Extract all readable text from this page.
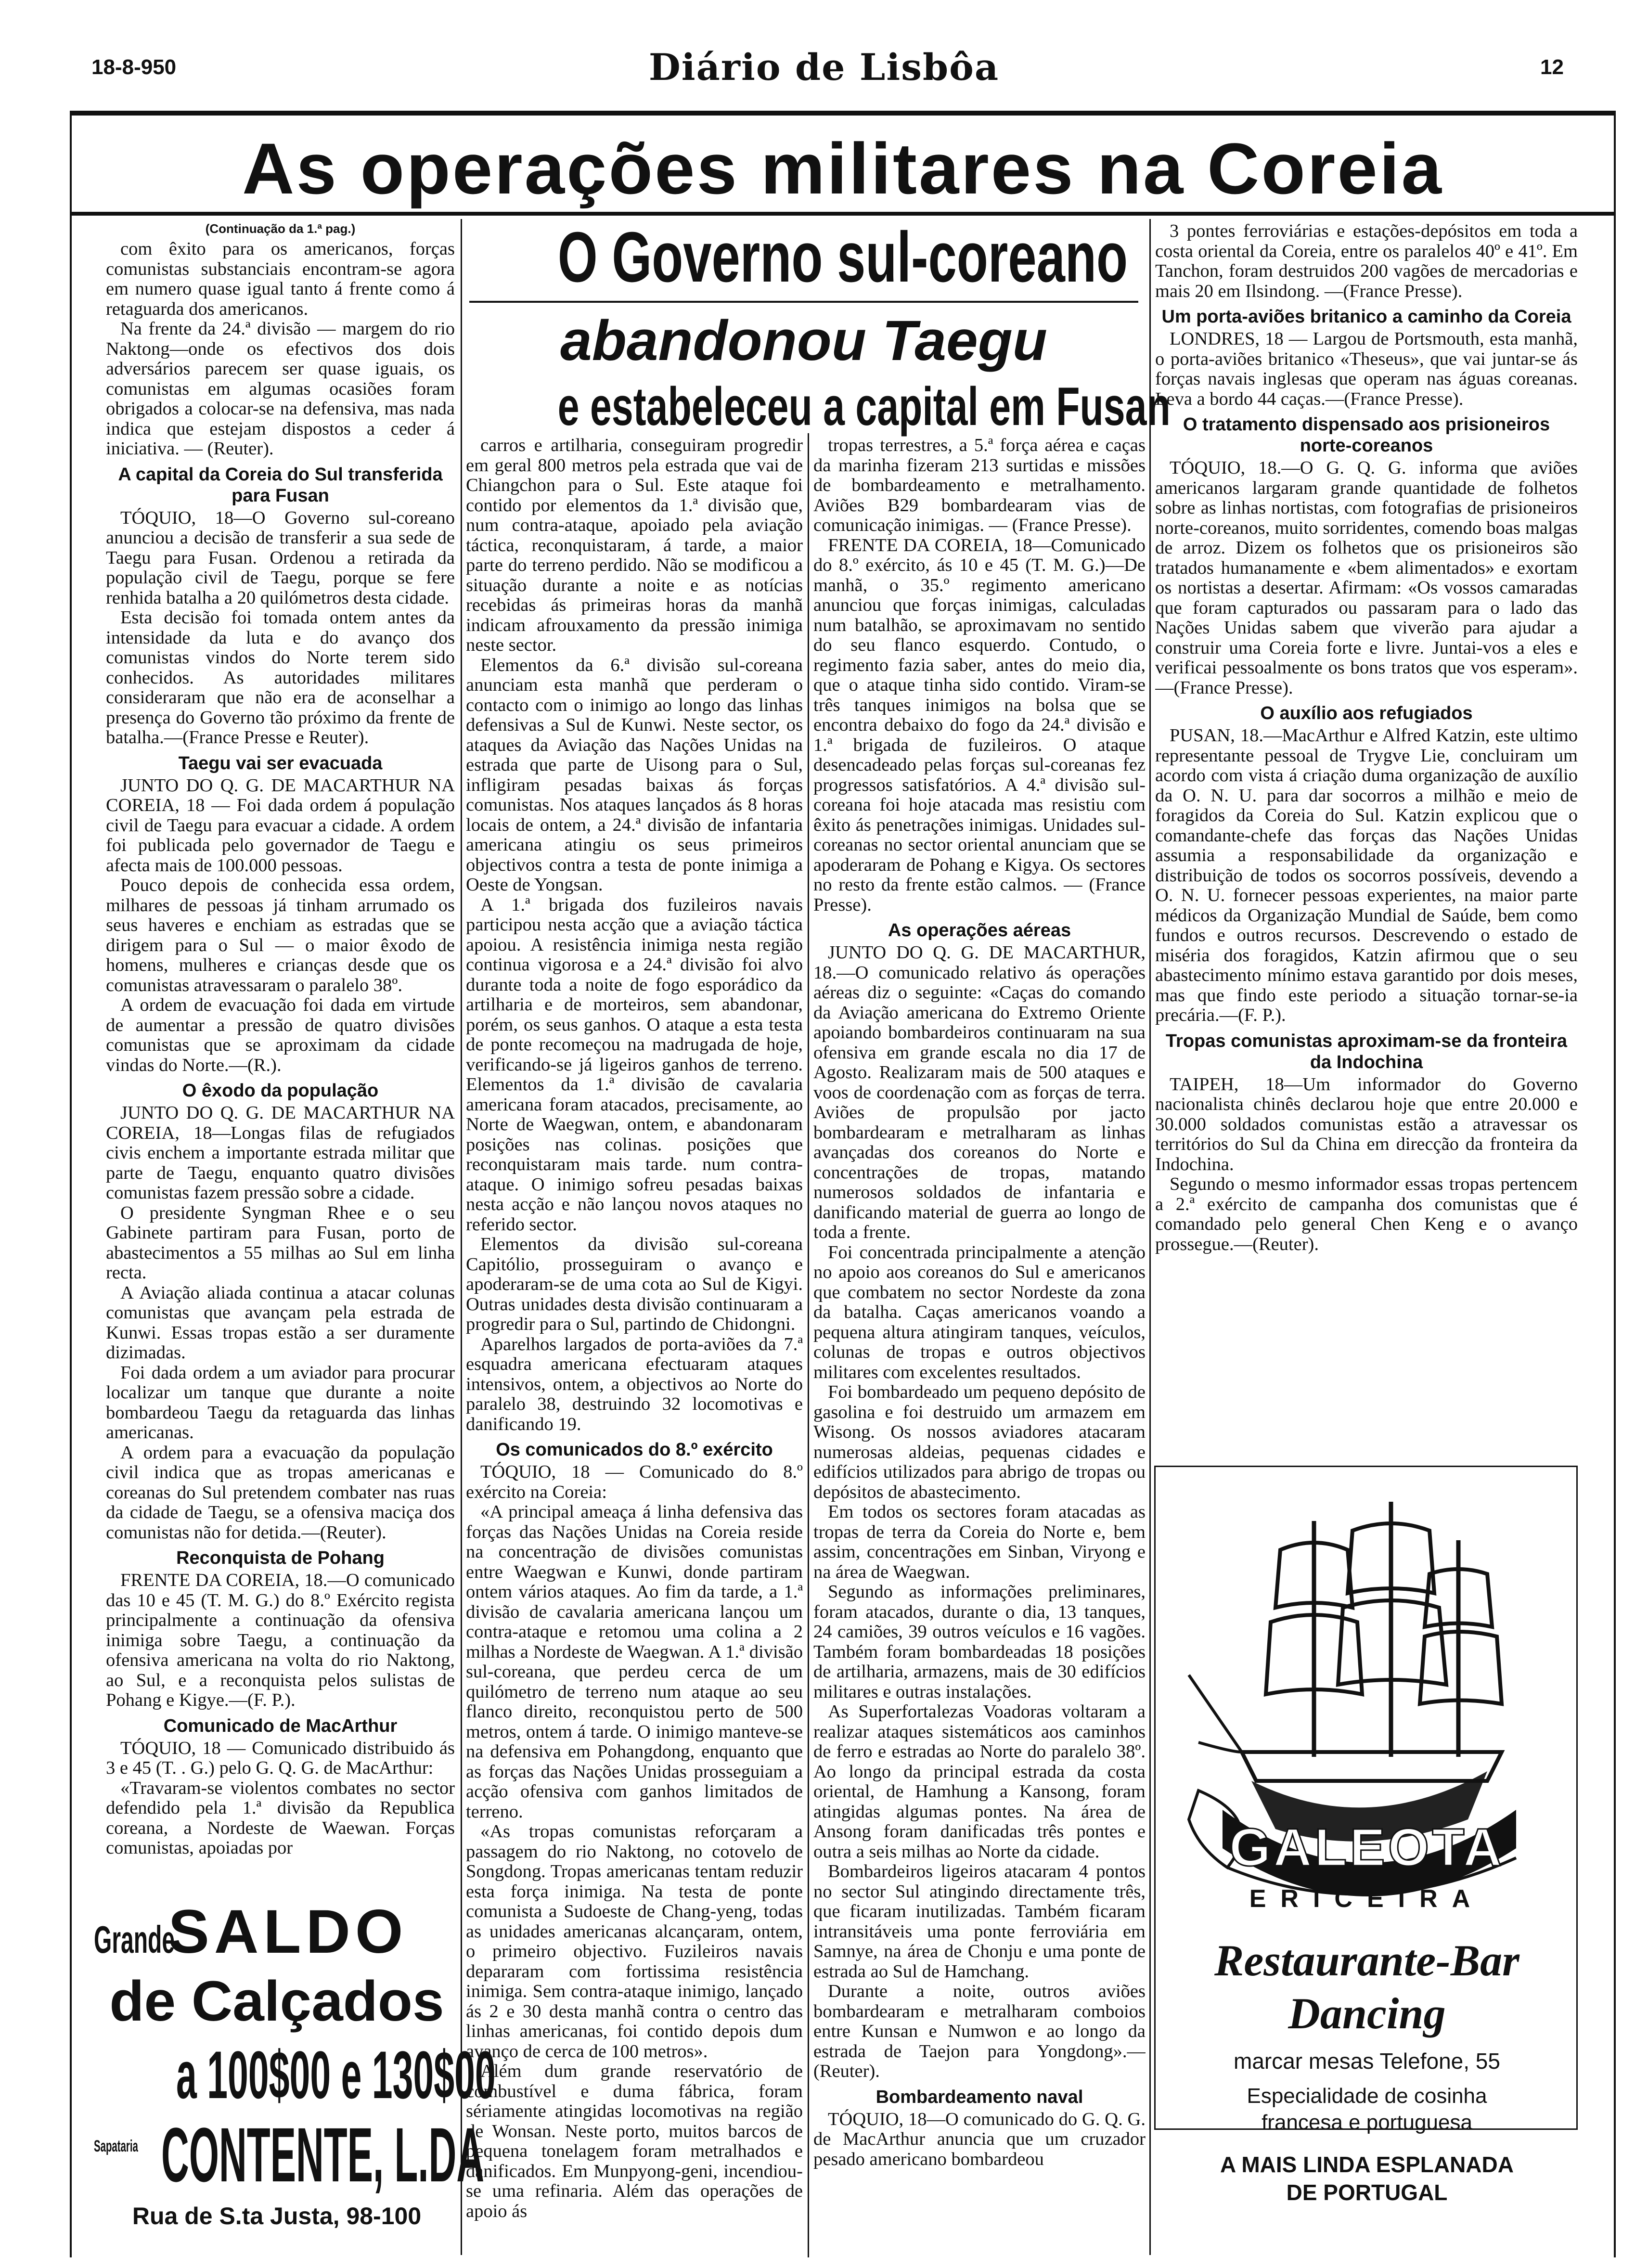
18-8-950	Diário de Lisbôa	12
As operações militares na Coreia
O Governo sul-coreano
abandonou Taegu
e estabeleceu a capital em Fusan
(Continuação da 1.ª pag.)

com êxito para os americanos, forças comunistas substanciais encontram-se agora em numero quase igual tanto á frente como á retaguarda dos americanos.

Na frente da 24.ª divisão — margem do rio Naktong—onde os efectivos dos dois adversários parecem ser quase iguais, os comunistas em algumas ocasiões foram obrigados a colocar-se na defensiva, mas nada indica que estejam dispostos a ceder á iniciativa. — (Reuter).

A capital da Coreia do Sul transferida para Fusan

TÓQUIO, 18—O Governo sul-coreano anunciou a decisão de transferir a sua sede de Taegu para Fusan. Ordenou a retirada da população civil de Taegu, porque se fere renhida batalha a 20 quilómetros desta cidade.

Esta decisão foi tomada ontem antes da intensidade da luta e do avanço dos comunistas vindos do Norte terem sido conhecidos. As autoridades militares consideraram que não era de aconselhar a presença do Governo tão próximo da frente de batalha.—(France Presse e Reuter).

Taegu vai ser evacuada

JUNTO DO Q. G. DE MACARTHUR NA COREIA, 18 — Foi dada ordem á população civil de Taegu para evacuar a cidade. A ordem foi publicada pelo governador de Taegu e afecta mais de 100.000 pessoas.

Pouco depois de conhecida essa ordem, milhares de pessoas já tinham arrumado os seus haveres e enchiam as estradas que se dirigem para o Sul — o maior êxodo de homens, mulheres e crianças desde que os comunistas atravessaram o paralelo 38º.

A ordem de evacuação foi dada em virtude de aumentar a pressão de quatro divisões comunistas que se aproximam da cidade vindas do Norte.—(R.).

O êxodo da população

JUNTO DO Q. G. DE MACARTHUR NA COREIA, 18—Longas filas de refugiados civis enchem a importante estrada militar que parte de Taegu, enquanto quatro divisões comunistas fazem pressão sobre a cidade.

O presidente Syngman Rhee e o seu Gabinete partiram para Fusan, porto de abastecimentos a 55 milhas ao Sul em linha recta.

A Aviação aliada continua a atacar colunas comunistas que avançam pela estrada de Kunwi. Essas tropas estão a ser duramente dizimadas.

Foi dada ordem a um aviador para procurar localizar um tanque que durante a noite bombardeou Taegu da retaguarda das linhas americanas.

A ordem para a evacuação da população civil indica que as tropas americanas e coreanas do Sul pretendem combater nas ruas da cidade de Taegu, se a ofensiva maciça dos comunistas não for detida.—(Reuter).

Reconquista de Pohang

FRENTE DA COREIA, 18.—O comunicado das 10 e 45 (T. M. G.) do 8.º Exército regista principalmente a continuação da ofensiva inimiga sobre Taegu, a continuação da ofensiva americana na volta do rio Naktong, ao Sul, e a reconquista pelos sulistas de Pohang e Kigye.—(F. P.).

Comunicado de MacArthur

TÓQUIO, 18 — Comunicado distribuido ás 3 e 45 (T. . G.) pelo G. Q. G. de MacArthur:

«Travaram-se violentos combates no sector defendido pela 1.ª divisão da Republica coreana, a Nordeste de Waewan. Forças comunistas, apoiadas por

carros e artilharia, conseguiram progredir em geral 800 metros pela estrada que vai de Chiangchon para o Sul. Este ataque foi contido por elementos da 1.ª divisão que, num contra-ataque, apoiado pela aviação táctica, reconquistaram, á tarde, a maior parte do terreno perdido. Não se modificou a situação durante a noite e as notícias recebidas ás primeiras horas da manhã indicam afrouxamento da pressão inimiga neste sector.

Elementos da 6.ª divisão sul-coreana anunciam esta manhã que perderam o contacto com o inimigo ao longo das linhas defensivas a Sul de Kunwi. Neste sector, os ataques da Aviação das Nações Unidas na estrada que parte de Uisong para o Sul, infligiram pesadas baixas ás forças comunistas. Nos ataques lançados ás 8 horas locais de ontem, a 24.ª divisão de infantaria americana atingiu os seus primeiros objectivos contra a testa de ponte inimiga a Oeste de Yongsan.

A 1.ª brigada dos fuzileiros navais participou nesta acção que a aviação táctica apoiou. A resistência inimiga nesta região continua vigorosa e a 24.ª divisão foi alvo durante toda a noite de fogo esporádico da artilharia e de morteiros, sem abandonar, porém, os seus ganhos. O ataque a esta testa de ponte recomeçou na madrugada de hoje, verificando-se já ligeiros ganhos de terreno. Elementos da 1.ª divisão de cavalaria americana foram atacados, precisamente, ao Norte de Waegwan, ontem, e abandonaram posições nas colinas. posições que reconquistaram mais tarde. num contra-ataque. O inimigo sofreu pesadas baixas nesta acção e não lançou novos ataques no referido sector.

Elementos da divisão sul-coreana Capitólio, prosseguiram o avanço e apoderaram-se de uma cota ao Sul de Kigyi. Outras unidades desta divisão continuaram a progredir para o Sul, partindo de Chidongni.

Aparelhos largados de porta-aviões da 7.ª esquadra americana efectuaram ataques intensivos, ontem, a objectivos ao Norte do paralelo 38, destruindo 32 locomotivas e danificando 19.

Os comunicados do 8.º exército

TÓQUIO, 18 — Comunicado do 8.º exército na Coreia:

«A principal ameaça á linha defensiva das forças das Nações Unidas na Coreia reside na concentração de divisões comunistas entre Waegwan e Kunwi, donde partiram ontem vários ataques. Ao fim da tarde, a 1.ª divisão de cavalaria americana lançou um contra-ataque e retomou uma colina a 2 milhas a Nordeste de Waegwan. A 1.ª divisão sul-coreana, que perdeu cerca de um quilómetro de terreno num ataque ao seu flanco direito, reconquistou perto de 500 metros, ontem á tarde. O inimigo manteve-se na defensiva em Pohangdong, enquanto que as forças das Nações Unidas prosseguiam a acção ofensiva com ganhos limitados de terreno.

«As tropas comunistas reforçaram a passagem do rio Naktong, no cotovelo de Songdong. Tropas americanas tentam reduzir esta força inimiga. Na testa de ponte comunista a Sudoeste de Chang-yeng, todas as unidades americanas alcançaram, ontem, o primeiro objectivo. Fuzileiros navais depararam com fortissima resistência inimiga. Sem contra-ataque inimigo, lançado ás 2 e 30 desta manhã contra o centro das linhas americanas, foi contido depois dum avanço de cerca de 100 metros».

Além dum grande reservatório de combustível e duma fábrica, foram sériamente atingidas locomotivas na região de Wonsan. Neste porto, muitos barcos de pequena tonelagem foram metralhados e danificados. Em Munpyong-geni, incendiou-se uma refinaria. Além das operações de apoio ás

tropas terrestres, a 5.ª força aérea e caças da marinha fizeram 213 surtidas e missões de bombardeamento e metralhamento. Aviões B29 bombardearam vias de comunicação inimigas. — (France Presse).

FRENTE DA COREIA, 18—Comunicado do 8.º exército, ás 10 e 45 (T. M. G.)—De manhã, o 35.º regimento americano anunciou que forças inimigas, calculadas num batalhão, se aproximavam no sentido do seu flanco esquerdo. Contudo, o regimento fazia saber, antes do meio dia, que o ataque tinha sido contido. Viram-se três tanques inimigos na bolsa que se encontra debaixo do fogo da 24.ª divisão e 1.ª brigada de fuzileiros. O ataque desencadeado pelas forças sul-coreanas fez progressos satisfatórios. A 4.ª divisão sul-coreana foi hoje atacada mas resistiu com êxito ás penetrações inimigas. Unidades sul-coreanas no sector oriental anunciam que se apoderaram de Pohang e Kigya. Os sectores no resto da frente estão calmos. — (France Presse).

As operações aéreas

JUNTO DO Q. G. DE MACARTHUR, 18.—O comunicado relativo ás operações aéreas diz o seguinte: «Caças do comando da Aviação americana do Extremo Oriente apoiando bombardeiros continuaram na sua ofensiva em grande escala no dia 17 de Agosto. Realizaram mais de 500 ataques e voos de coordenação com as forças de terra. Aviões de propulsão por jacto bombardearam e metralharam as linhas avançadas dos coreanos do Norte e concentrações de tropas, matando numerosos soldados de infantaria e danificando material de guerra ao longo de toda a frente.

Foi concentrada principalmente a atenção no apoio aos coreanos do Sul e americanos que combatem no sector Nordeste da zona da batalha. Caças americanos voando a pequena altura atingiram tanques, veículos, colunas de tropas e outros objectivos militares com excelentes resultados.

Foi bombardeado um pequeno depósito de gasolina e foi destruido um armazem em Wisong. Os nossos aviadores atacaram numerosas aldeias, pequenas cidades e edifícios utilizados para abrigo de tropas ou depósitos de abastecimento.

Em todos os sectores foram atacadas as tropas de terra da Coreia do Norte e, bem assim, concentrações em Sinban, Viryong e na área de Waegwan.

Segundo as informações preliminares, foram atacados, durante o dia, 13 tanques, 24 camiões, 39 outros veículos e 16 vagões. Também foram bombardeadas 18 posições de artilharia, armazens, mais de 30 edifícios militares e outras instalações.

As Superfortalezas Voadoras voltaram a realizar ataques sistemáticos aos caminhos de ferro e estradas ao Norte do paralelo 38º. Ao longo da principal estrada da costa oriental, de Hamhung a Kansong, foram atingidas algumas pontes. Na área de Ansong foram danificadas três pontes e outra a seis milhas ao Norte da cidade.

Bombardeiros ligeiros atacaram 4 pontos no sector Sul atingindo directamente três, que ficaram inutilizadas. Também ficaram intransitáveis uma ponte ferroviária em Samnye, na área de Chonju e uma ponte de estrada ao Sul de Hamchang.

Durante a noite, outros aviões bombardearam e metralharam comboios entre Kunsan e Numwon e ao longo da estrada de Taejon para Yongdong».—(Reuter).

Bombardeamento naval

TÓQUIO, 18—O comunicado do G. Q. G. de MacArthur anuncia que um cruzador pesado americano bombardeou

3 pontes ferroviárias e estações-depósitos em toda a costa oriental da Coreia, entre os paralelos 40º e 41º. Em Tanchon, foram destruidos 200 vagões de mercadorias e mais 20 em Ilsindong. —(France Presse).

Um porta-aviões britanico a caminho da Coreia

LONDRES, 18 — Largou de Portsmouth, esta manhã, o porta-aviões britanico «Theseus», que vai juntar-se ás forças navais inglesas que operam nas águas coreanas. Leva a bordo 44 caças.—(France Presse).

O tratamento dispensado aos prisioneiros norte-coreanos

TÓQUIO, 18.—O G. Q. G. informa que aviões americanos largaram grande quantidade de folhetos sobre as linhas nortistas, com fotografias de prisioneiros norte-coreanos, muito sorridentes, comendo boas malgas de arroz. Dizem os folhetos que os prisioneiros são tratados humanamente e «bem alimentados» e exortam os nortistas a desertar. Afirmam: «Os vossos camaradas que foram capturados ou passaram para o lado das Nações Unidas sabem que viverão para ajudar a construir uma Coreia forte e livre. Juntai-vos a eles e verificai pessoalmente os bons tratos que vos esperam».—(France Presse).

O auxílio aos refugiados

PUSAN, 18.—MacArthur e Alfred Katzin, este ultimo representante pessoal de Trygve Lie, concluiram um acordo com vista á criação duma organização de auxílio da O. N. U. para dar socorros a milhão e meio de foragidos da Coreia do Sul. Katzin explicou que o comandante-chefe das forças das Nações Unidas assumia a responsabilidade da organização e distribuição de todos os socorros possíveis, devendo a O. N. U. fornecer pessoas experientes, na maior parte médicos da Organização Mundial de Saúde, bem como fundos e outros recursos. Descrevendo o estado de miséria dos foragidos, Katzin afirmou que o seu abastecimento mínimo estava garantido por dois meses, mas que findo este periodo a situação tornar-se-ia precária.—(F. P.).

Tropas comunistas aproximam-se da fronteira da Indochina

TAIPEH, 18—Um informador do Governo nacionalista chinês declarou hoje que entre 20.000 e 30.000 soldados comunistas estão a atravessar os territórios do Sul da China em direcção da fronteira da Indochina.

Segundo o mesmo informador essas tropas pertencem a 2.ª exército de campanha dos comunistas que é comandado pelo general Chen Keng e o avanço prossegue.—(Reuter).

Grande SALDO
de Calçados
a 100$00 e 130$00
Sapataria CONTENTE, L.DA
Rua de S.ta Justa, 98-100
GALEOTA
ERICEIRA
Restaurante-Bar
Dancing
marcar mesas Telefone, 55
Especialidade de cosinha
francesa e portuguesa
A MAIS LINDA ESPLANADA
DE PORTUGAL
